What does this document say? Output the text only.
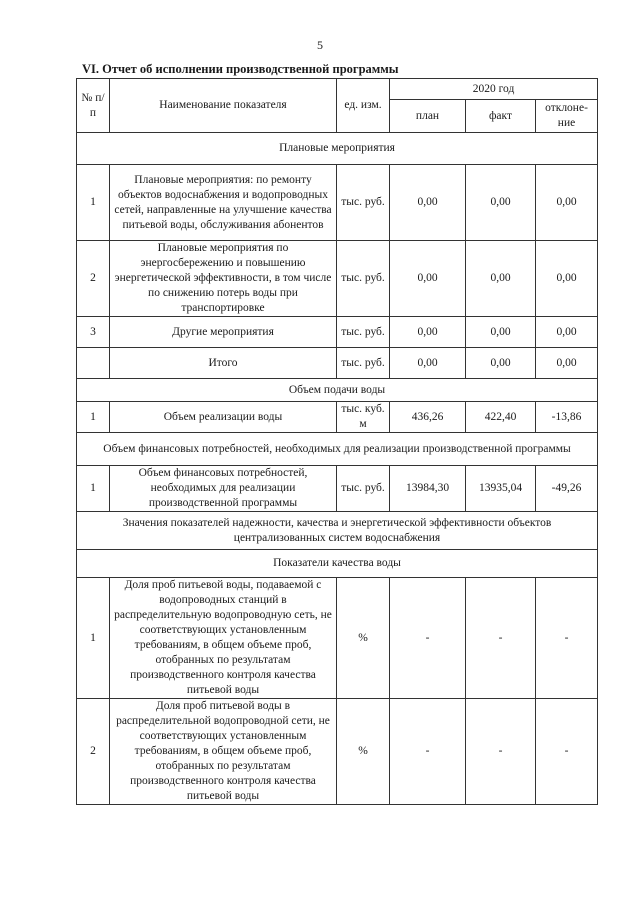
5
VI. Отчет об исполнении производственной программы
№ п/п	Наименование показателя	ед. изм.	2020 год		
			план	факт	отклоне-ние
Плановые мероприятия					
1	Плановые мероприятия: по ремонту объектов водоснабжения и водопроводных сетей, направленные на улучшение качества питьевой воды, обслуживания абонентов	тыс. руб.	0,00	0,00	0,00
2	Плановые мероприятия по энергосбережению и повышению энергетической эффективности, в том числе по снижению потерь воды при транспортировке	тыс. руб.	0,00	0,00	0,00
3	Другие мероприятия	тыс. руб.	0,00	0,00	0,00
	Итого	тыс. руб.	0,00	0,00	0,00
Объем подачи воды					
1	Объем реализации воды	тыс. куб. м	436,26	422,40	-13,86
Объем финансовых потребностей, необходимых для реализации производственной программы					
1	Объем финансовых потребностей, необходимых для реализации производственной программы	тыс. руб.	13984,30	13935,04	-49,26
Значения показателей надежности, качества и энергетической эффективности объектов централизованных систем водоснабжения					
Показатели качества воды					
1	Доля проб питьевой воды, подаваемой с водопроводных станций в распределительную водопроводную сеть, не соответствующих установленным требованиям, в общем объеме проб, отобранных по результатам производственного контроля качества питьевой воды	%	-	-	-
2	Доля проб питьевой воды в распределительной водопроводной сети, не соответствующих установленным требованиям, в общем объеме проб, отобранных по результатам производственного контроля качества питьевой воды	%	-	-	-
